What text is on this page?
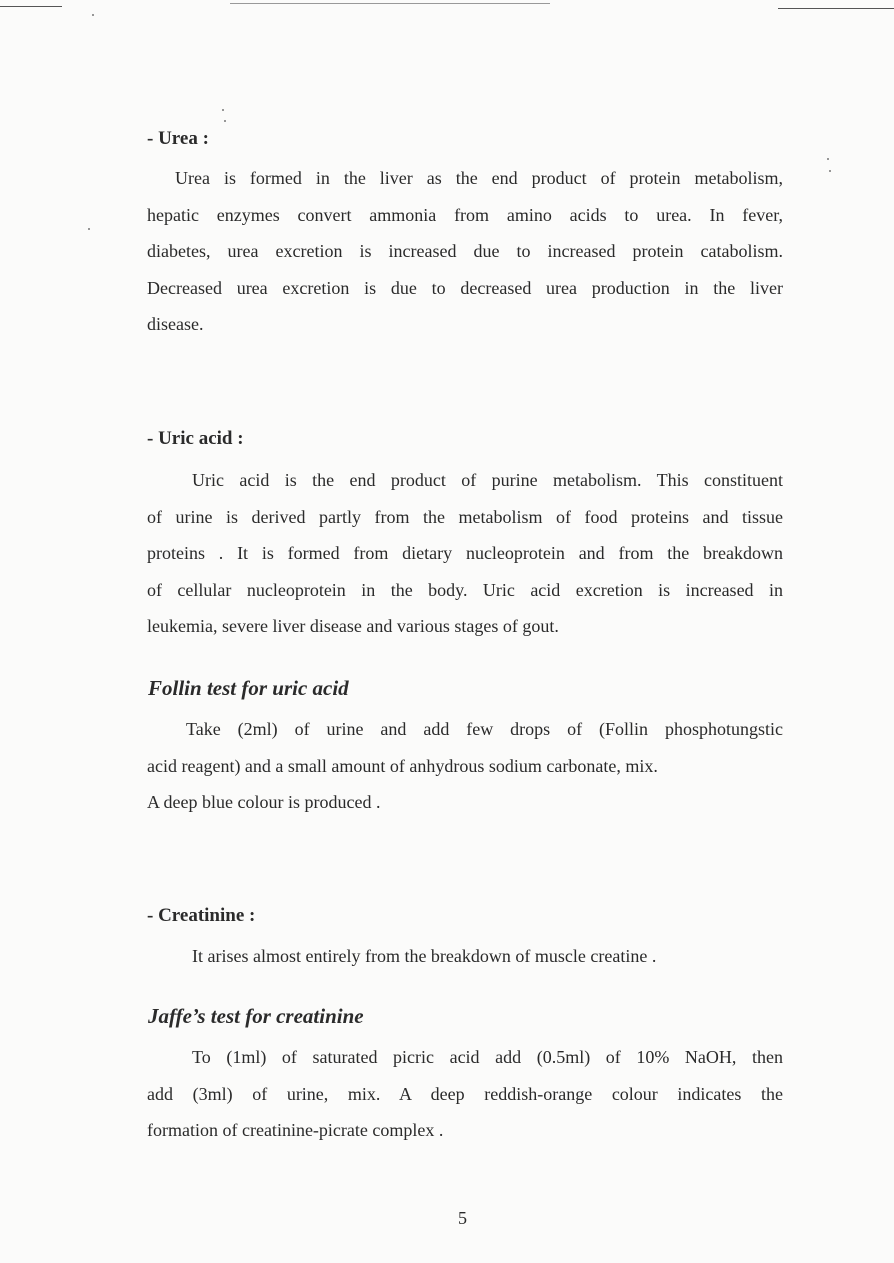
- Urea :
Urea is formed in the liver as the end product of protein metabolism,
hepatic enzymes convert ammonia from amino acids to urea. In fever,
diabetes, urea excretion is increased due to increased protein catabolism.
Decreased urea excretion is due to decreased urea production in the liver
disease.
- Uric acid :
Uric acid is the end product of purine metabolism. This constituent
of urine is derived partly from the metabolism of food proteins and tissue
proteins . It is formed from dietary nucleoprotein and from the breakdown
of cellular nucleoprotein in the body. Uric acid excretion is increased in
leukemia, severe liver disease and various stages of gout.
Follin test for uric acid
Take (2ml) of urine and add few drops of (Follin phosphotungstic
acid reagent) and a small amount of anhydrous sodium carbonate, mix.
A deep blue colour is produced .
- Creatinine :
It arises almost entirely from the breakdown of muscle creatine .
Jaffe’s test for creatinine
To (1ml) of saturated picric acid add (0.5ml) of 10% NaOH, then
add (3ml) of urine, mix. A deep reddish-orange colour indicates the
formation of creatinine-picrate complex .
5
